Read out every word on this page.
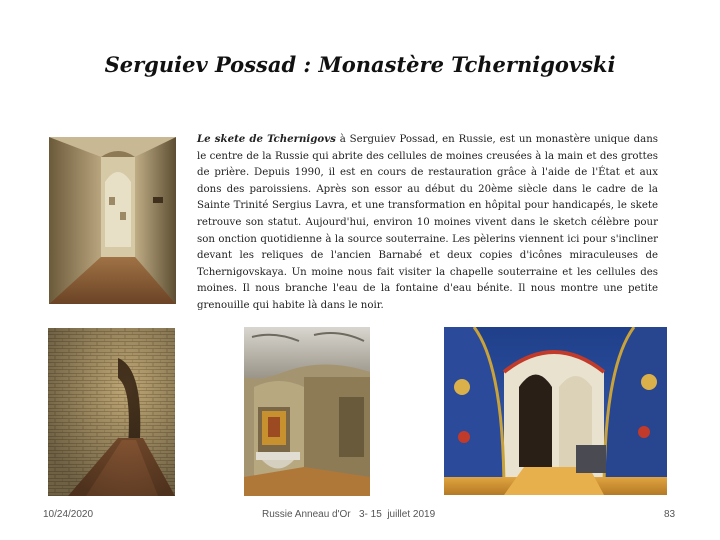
Serguiev Possad : Monastère Tchernigovski
Le skete de Tchernigovs à Serguiev Possad, en Russie, est un monastère unique dans le centre de la Russie qui abrite des cellules de moines creusées à la main et des grottes de prière. Depuis 1990, il est en cours de restauration grâce à l'aide de l'État et aux dons des paroissiens. Après son essor au début du 20ème siècle dans le cadre de la Sainte Trinité Sergius Lavra, et une transformation en hôpital pour handicapés, le skete retrouve son statut. Aujourd'hui, environ 10 moines vivent dans le sketch célèbre pour son onction quotidienne à la source souterraine. Les pèlerins viennent ici pour s'incliner devant les reliques de l'ancien Barnabé et deux copies d'icônes miraculeuses de Tchernigovskaya. Un moine nous fait visiter la chapelle souterraine et les cellules des moines. Il nous branche l'eau de la fontaine d'eau bénite. Il nous montre une petite grenouille qui habite là dans le noir.
10/24/2020	Russie Anneau d'Or   3- 15  juillet 2019	83
